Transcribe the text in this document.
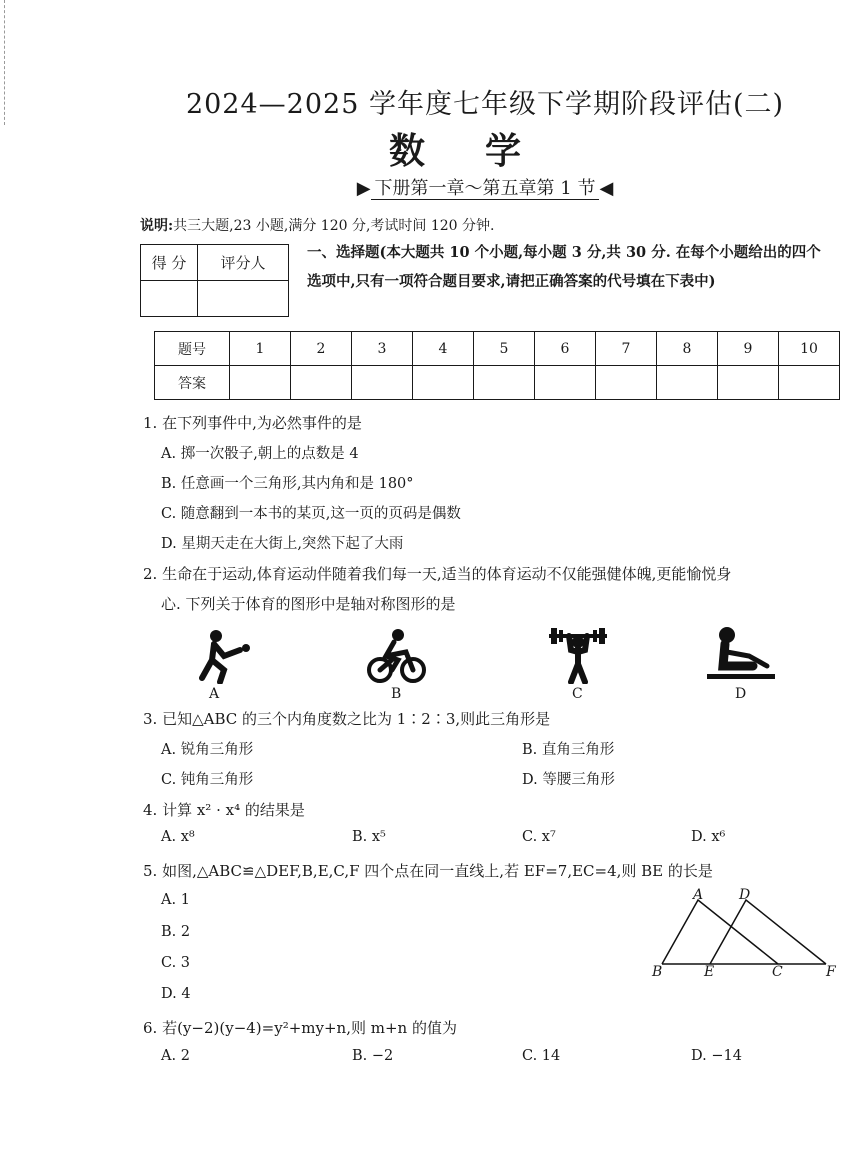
2024—2025 学年度七年级下学期阶段评估(二)
数学
▶ 下册第一章～第五章第 1 节 ◀
说明:共三大题,23 小题,满分 120 分,考试时间 120 分钟.
得 分	评分人

一、选择题(本大题共 10 个小题,每小题 3 分,共 30 分. 在每个小题给出的四个选项中,只有一项符合题目要求,请把正确答案的代号填在下表中)
题号	1	2	3	4	5	6	7	8	9	10
答案										
1. 在下列事件中,为必然事件的是
A. 掷一次骰子,朝上的点数是 4
B. 任意画一个三角形,其内角和是 180°
C. 随意翻到一本书的某页,这一页的页码是偶数
D. 星期天走在大街上,突然下起了大雨
2. 生命在于运动,体育运动伴随着我们每一天,适当的体育运动不仅能强健体魄,更能愉悦身
心. 下列关于体育的图形中是轴对称图形的是
A	B	C	D
3. 已知△ABC 的三个内角度数之比为 1∶2∶3,则此三角形是
A. 锐角三角形	B. 直角三角形
C. 钝角三角形	D. 等腰三角形
4. 计算 x² · x⁴ 的结果是
A. x⁸	B. x⁵	C. x⁷	D. x⁶
5. 如图,△ABC≌△DEF,B,E,C,F 四个点在同一直线上,若 EF=7,EC=4,则 BE 的长是
A. 1
B. 2
C. 3
D. 4
A	D
B	E	C	F
6. 若(y−2)(y−4)=y²+my+n,则 m+n 的值为
A. 2	B. −2	C. 14	D. −14
